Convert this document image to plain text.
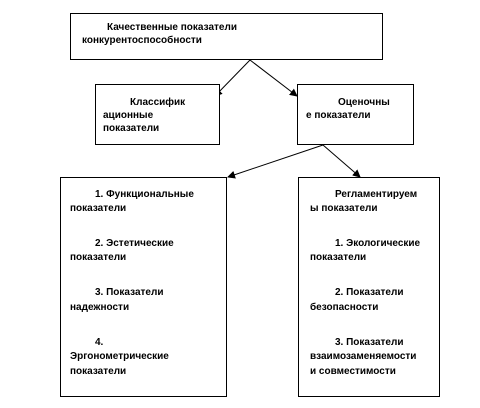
Качественные показатели

конкурентоспособности

Классифик

ационные

показатели

Оценочны

е показатели

1. Функциональные

показатели

2. Эстетические

показатели

3. Показатели

надежности

4.

Эргонометрические

показатели

Регламентируем

ы показатели

1. Экологические

показатели

2. Показатели

безопасности

3. Показатели

взаимозаменяемости

и совместимости
